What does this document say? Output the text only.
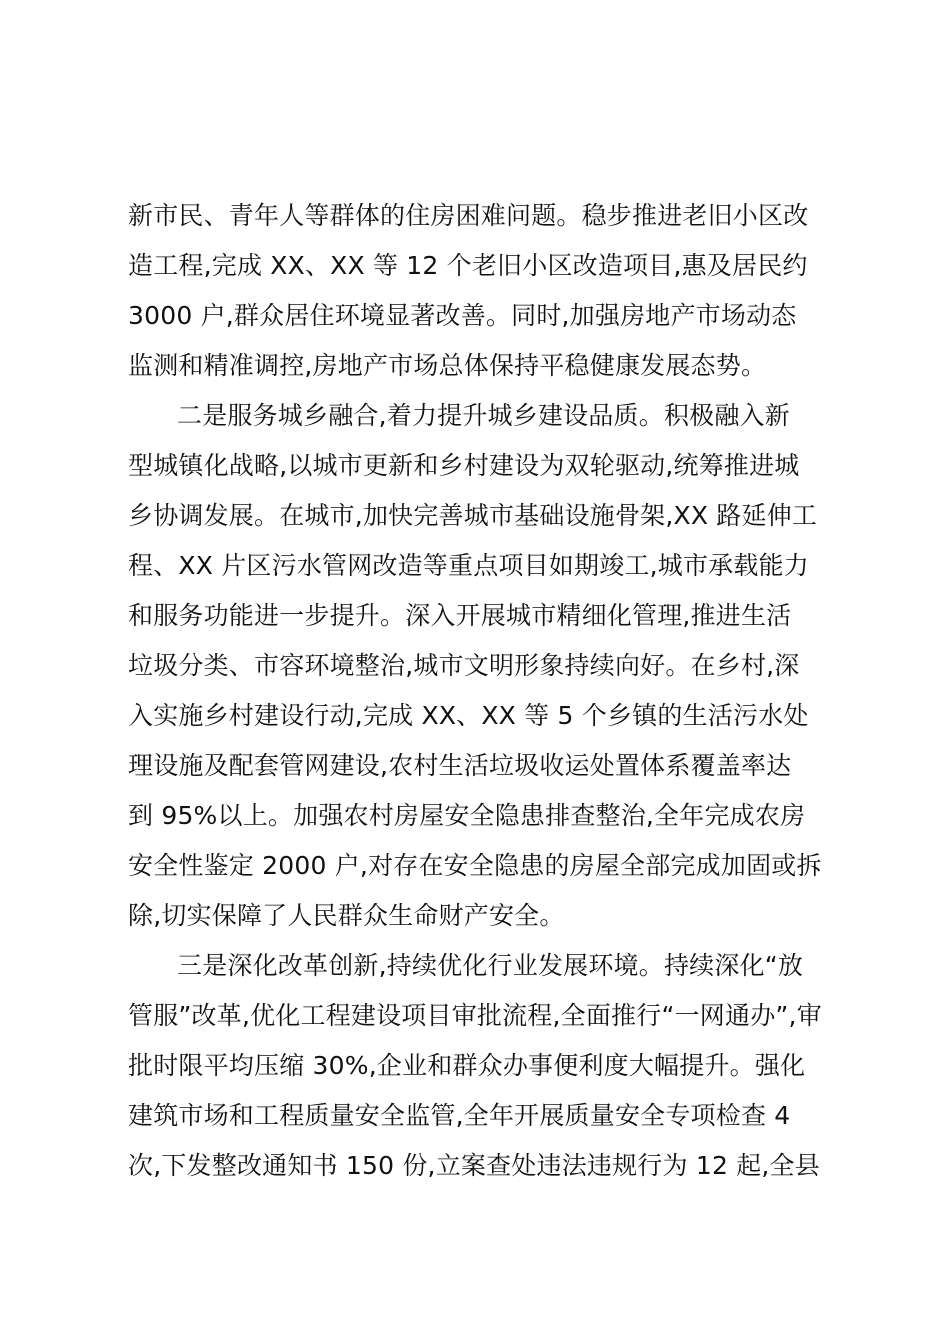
新市民、青年人等群体的住房困难问题。稳步推进老旧小区改
造工程,完成 XX、XX 等 12 个老旧小区改造项目,惠及居民约
3000 户,群众居住环境显著改善。同时,加强房地产市场动态
监测和精准调控,房地产市场总体保持平稳健康发展态势。
二是服务城乡融合,着力提升城乡建设品质。积极融入新
型城镇化战略,以城市更新和乡村建设为双轮驱动,统筹推进城
乡协调发展。在城市,加快完善城市基础设施骨架,XX 路延伸工
程、XX 片区污水管网改造等重点项目如期竣工,城市承载能力
和服务功能进一步提升。深入开展城市精细化管理,推进生活
垃圾分类、市容环境整治,城市文明形象持续向好。在乡村,深
入实施乡村建设行动,完成 XX、XX 等 5 个乡镇的生活污水处
理设施及配套管网建设,农村生活垃圾收运处置体系覆盖率达
到 95%以上。加强农村房屋安全隐患排查整治,全年完成农房
安全性鉴定 2000 户,对存在安全隐患的房屋全部完成加固或拆
除,切实保障了人民群众生命财产安全。
三是深化改革创新,持续优化行业发展环境。持续深化“放
管服”改革,优化工程建设项目审批流程,全面推行“一网通办”,审
批时限平均压缩 30%,企业和群众办事便利度大幅提升。强化
建筑市场和工程质量安全监管,全年开展质量安全专项检查 4
次,下发整改通知书 150 份,立案查处违法违规行为 12 起,全县
